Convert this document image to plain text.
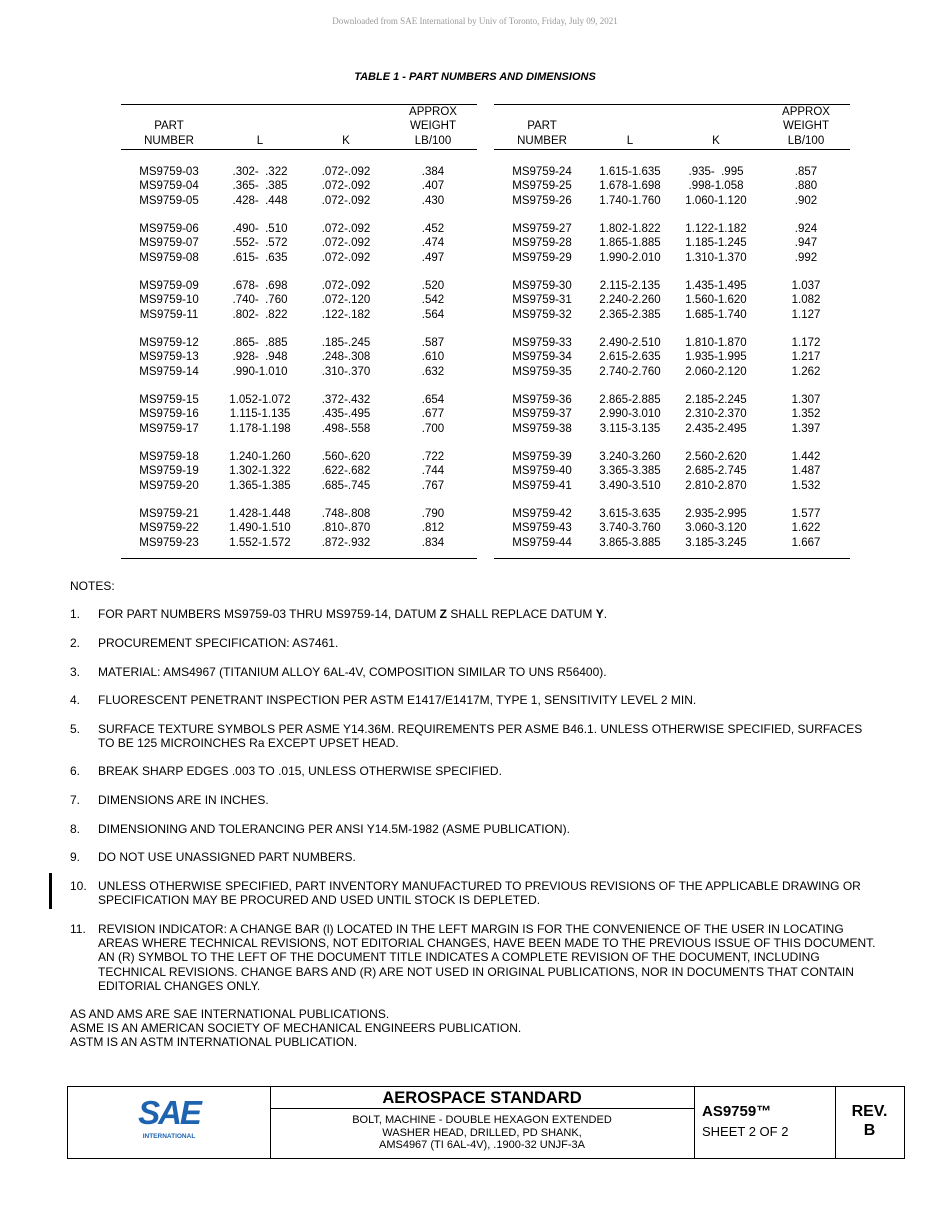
Downloaded from SAE International by Univ of Toronto, Friday, July 09, 2021
TABLE 1 - PART NUMBERS AND DIMENSIONS
PART
NUMBER	L	K
APPROX
WEIGHT
LB/100
MS9759-03	.302-  .322	.072-.092	.384
MS9759-04	.365-  .385	.072-.092	.407
MS9759-05	.428-  .448	.072-.092	.430
MS9759-06	.490-  .510	.072-.092	.452
MS9759-07	.552-  .572	.072-.092	.474
MS9759-08	.615-  .635	.072-.092	.497
MS9759-09	.678-  .698	.072-.092	.520
MS9759-10	.740-  .760	.072-.120	.542
MS9759-11	.802-  .822	.122-.182	.564
MS9759-12	.865-  .885	.185-.245	.587
MS9759-13	.928-  .948	.248-.308	.610
MS9759-14	.990-1.010	.310-.370	.632
MS9759-15	1.052-1.072	.372-.432	.654
MS9759-16	1.115-1.135	.435-.495	.677
MS9759-17	1.178-1.198	.498-.558	.700
MS9759-18	1.240-1.260	.560-.620	.722
MS9759-19	1.302-1.322	.622-.682	.744
MS9759-20	1.365-1.385	.685-.745	.767
MS9759-21	1.428-1.448	.748-.808	.790
MS9759-22	1.490-1.510	.810-.870	.812
MS9759-23	1.552-1.572	.872-.932	.834
PART
NUMBER	L	K
APPROX
WEIGHT
LB/100
MS9759-24	1.615-1.635	.935-  .995	.857
MS9759-25	1.678-1.698	.998-1.058	.880
MS9759-26	1.740-1.760	1.060-1.120	.902
MS9759-27	1.802-1.822	1.122-1.182	.924
MS9759-28	1.865-1.885	1.185-1.245	.947
MS9759-29	1.990-2.010	1.310-1.370	.992
MS9759-30	2.115-2.135	1.435-1.495	1.037
MS9759-31	2.240-2.260	1.560-1.620	1.082
MS9759-32	2.365-2.385	1.685-1.740	1.127
MS9759-33	2.490-2.510	1.810-1.870	1.172
MS9759-34	2.615-2.635	1.935-1.995	1.217
MS9759-35	2.740-2.760	2.060-2.120	1.262
MS9759-36	2.865-2.885	2.185-2.245	1.307
MS9759-37	2.990-3.010	2.310-2.370	1.352
MS9759-38	3.115-3.135	2.435-2.495	1.397
MS9759-39	3.240-3.260	2.560-2.620	1.442
MS9759-40	3.365-3.385	2.685-2.745	1.487
MS9759-41	3.490-3.510	2.810-2.870	1.532
MS9759-42	3.615-3.635	2.935-2.995	1.577
MS9759-43	3.740-3.760	3.060-3.120	1.622
MS9759-44	3.865-3.885	3.185-3.245	1.667
NOTES:
1.	FOR PART NUMBERS MS9759-03 THRU MS9759-14, DATUM Z SHALL REPLACE DATUM Y.
2.	PROCUREMENT SPECIFICATION: AS7461.
3.	MATERIAL: AMS4967 (TITANIUM ALLOY 6AL-4V, COMPOSITION SIMILAR TO UNS R56400).
4.	FLUORESCENT PENETRANT INSPECTION PER ASTM E1417/E1417M, TYPE 1, SENSITIVITY LEVEL 2 MIN.
5.	SURFACE TEXTURE SYMBOLS PER ASME Y14.36M. REQUIREMENTS PER ASME B46.1. UNLESS OTHERWISE SPECIFIED, SURFACES TO BE 125 MICROINCHES Ra EXCEPT UPSET HEAD.
6.	BREAK SHARP EDGES .003 TO .015, UNLESS OTHERWISE SPECIFIED.
7.	DIMENSIONS ARE IN INCHES.
8.	DIMENSIONING AND TOLERANCING PER ANSI Y14.5M-1982 (ASME PUBLICATION).
9.	DO NOT USE UNASSIGNED PART NUMBERS.
10. UNLESS OTHERWISE SPECIFIED, PART INVENTORY MANUFACTURED TO PREVIOUS REVISIONS OF THE APPLICABLE DRAWING OR SPECIFICATION MAY BE PROCURED AND USED UNTIL STOCK IS DEPLETED.
11.	REVISION INDICATOR: A CHANGE BAR (l) LOCATED IN THE LEFT MARGIN IS FOR THE CONVENIENCE OF THE USER IN LOCATING AREAS WHERE TECHNICAL REVISIONS, NOT EDITORIAL CHANGES, HAVE BEEN MADE TO THE PREVIOUS ISSUE OF THIS DOCUMENT. AN (R) SYMBOL TO THE LEFT OF THE DOCUMENT TITLE INDICATES A COMPLETE REVISION OF THE DOCUMENT, INCLUDING TECHNICAL REVISIONS. CHANGE BARS AND (R) ARE NOT USED IN ORIGINAL PUBLICATIONS, NOR IN DOCUMENTS THAT CONTAIN EDITORIAL CHANGES ONLY.
AS AND AMS ARE SAE INTERNATIONAL PUBLICATIONS.
ASME IS AN AMERICAN SOCIETY OF MECHANICAL ENGINEERS PUBLICATION.
ASTM IS AN ASTM INTERNATIONAL PUBLICATION.
SAE
INTERNATIONAL
AEROSPACE STANDARD
BOLT, MACHINE - DOUBLE HEXAGON EXTENDED
WASHER HEAD, DRILLED, PD SHANK,
AMS4967 (TI 6AL-4V), .1900-32 UNJF-3A
AS9759™
SHEET 2 OF 2
REV.
B
